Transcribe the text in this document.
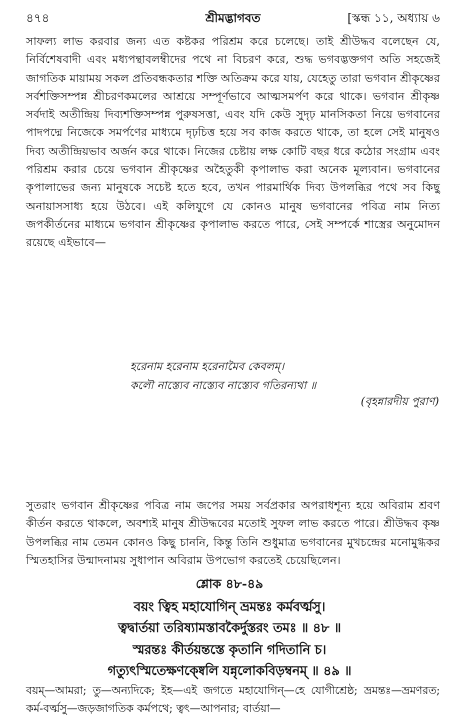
৪৭৪	শ্রীমদ্ভাগবত	[স্কন্ধ ১১, অধ্যায় ৬
সাফল্য লাভ করবার জন্য এত কষ্টকর পরিশ্রম করে চলেছে। তাই শ্রীউদ্ধব বলেছেন যে, নির্বিশেষবাদী এবং মধ্যপন্থাবলম্বীদের পথে না বিচরণ করে, শুদ্ধ ভগবদ্ভক্তগণ অতি সহজেই জাগতিক মায়াময় সকল প্রতিবন্ধকতার শক্তি অতিক্রম করে যায়, যেহেতু তারা ভগবান শ্রীকৃষ্ণের সর্বশক্তিসম্পন্ন শ্রীচরণকমলের আশ্রয়ে সম্পূর্ণভাবে আত্মসমর্পণ করে থাকে। ভগবান শ্রীকৃষ্ণ সর্বদাই অতীন্দ্রিয় দিব্যশক্তিসম্পন্ন পুরুষসত্তা, এবং যদি কেউ সুদৃঢ় মানসিকতা নিয়ে ভগবানের পাদপদ্মে নিজেকে সমর্পণের মাধ্যমে দৃঢ়চিত্ত হয়ে সব কাজ করতে থাকে, তা হলে সেই মানুষও দিব্য অতীন্দ্রিয়ভাব অর্জন করে থাকে। নিজের চেষ্টায় লক্ষ কোটি বছর ধরে কঠোর সংগ্রাম এবং পরিশ্রম করার চেয়ে ভগবান শ্রীকৃষ্ণের অহৈতুকী কৃপালাভ করা অনেক মূল্যবান। ভগবানের কৃপালাভের জন্য মানুষকে সচেষ্ট হতে হবে, তখন পারমার্থিক দিব্য উপলব্ধির পথে সব কিছু অনায়াসসাধ্য হয়ে উঠবে। এই কলিযুগে যে কোনও মানুষ ভগবানের পবিত্র নাম নিত্য জপকীর্তনের মাধ্যমে ভগবান শ্রীকৃষ্ণের কৃপালাভ করতে পারে, সেই সম্পর্কে শাস্ত্রের অনুমোদন রয়েছে এইভাবে—
হরেনাম হরেনাম হরেনামৈব কেবলম্।
কলৌ নাস্ত্যেব নাস্ত্যেব নাস্ত্যেব গতিরন্যথা ॥
(বৃহন্নারদীয় পুরাণ)
সুতরাং ভগবান শ্রীকৃষ্ণের পবিত্র নাম জপের সময় সর্বপ্রকার অপরাধশূন্য হয়ে অবিরাম শ্রবণ কীর্তন করতে থাকলে, অবশ্যই মানুষ শ্রীউদ্ধবের মতোই সুফল লাভ করতে পারে। শ্রীউদ্ধব কৃষ্ণ উপলব্ধির নাম তেমন কোনও কিছু চাননি, কিন্তু তিনি শুধুমাত্র ভগবানের মুখচন্দ্রের মনোমুগ্ধকর স্মিতহাসির উন্মাদনাময় সুধাপান অবিরাম উপভোগ করতেই চেয়েছিলেন।
শ্লোক ৪৮-৪৯
বয়ং ত্বিহ মহাযোগিন্ ভ্রমন্তঃ কর্মবর্ত্মসু।
ত্বদ্বার্তয়া তরিষ্যামস্তাবকৈর্দুস্তরং তমঃ ॥ ৪৮ ॥
স্মরন্তঃ কীর্তয়ন্তস্তে কৃতানি গদিতানি চ।
গত্যুৎস্মিতেক্ষণক্ষ্বেলি যন্নৃলোকবিড়ম্বনম্ ॥ ৪৯ ॥
বয়ম্—আমরা; তু—অন্যদিকে; ইহ—এই জগতে মহাযোগিন্—হে যোগীশ্রেষ্ঠ; ভ্রমন্তঃ—ভ্রমণরত; কর্ম-বর্ত্মসু—জড়জাগতিক কর্মপথে; ত্বৎ—আপনার; বার্তয়া—
